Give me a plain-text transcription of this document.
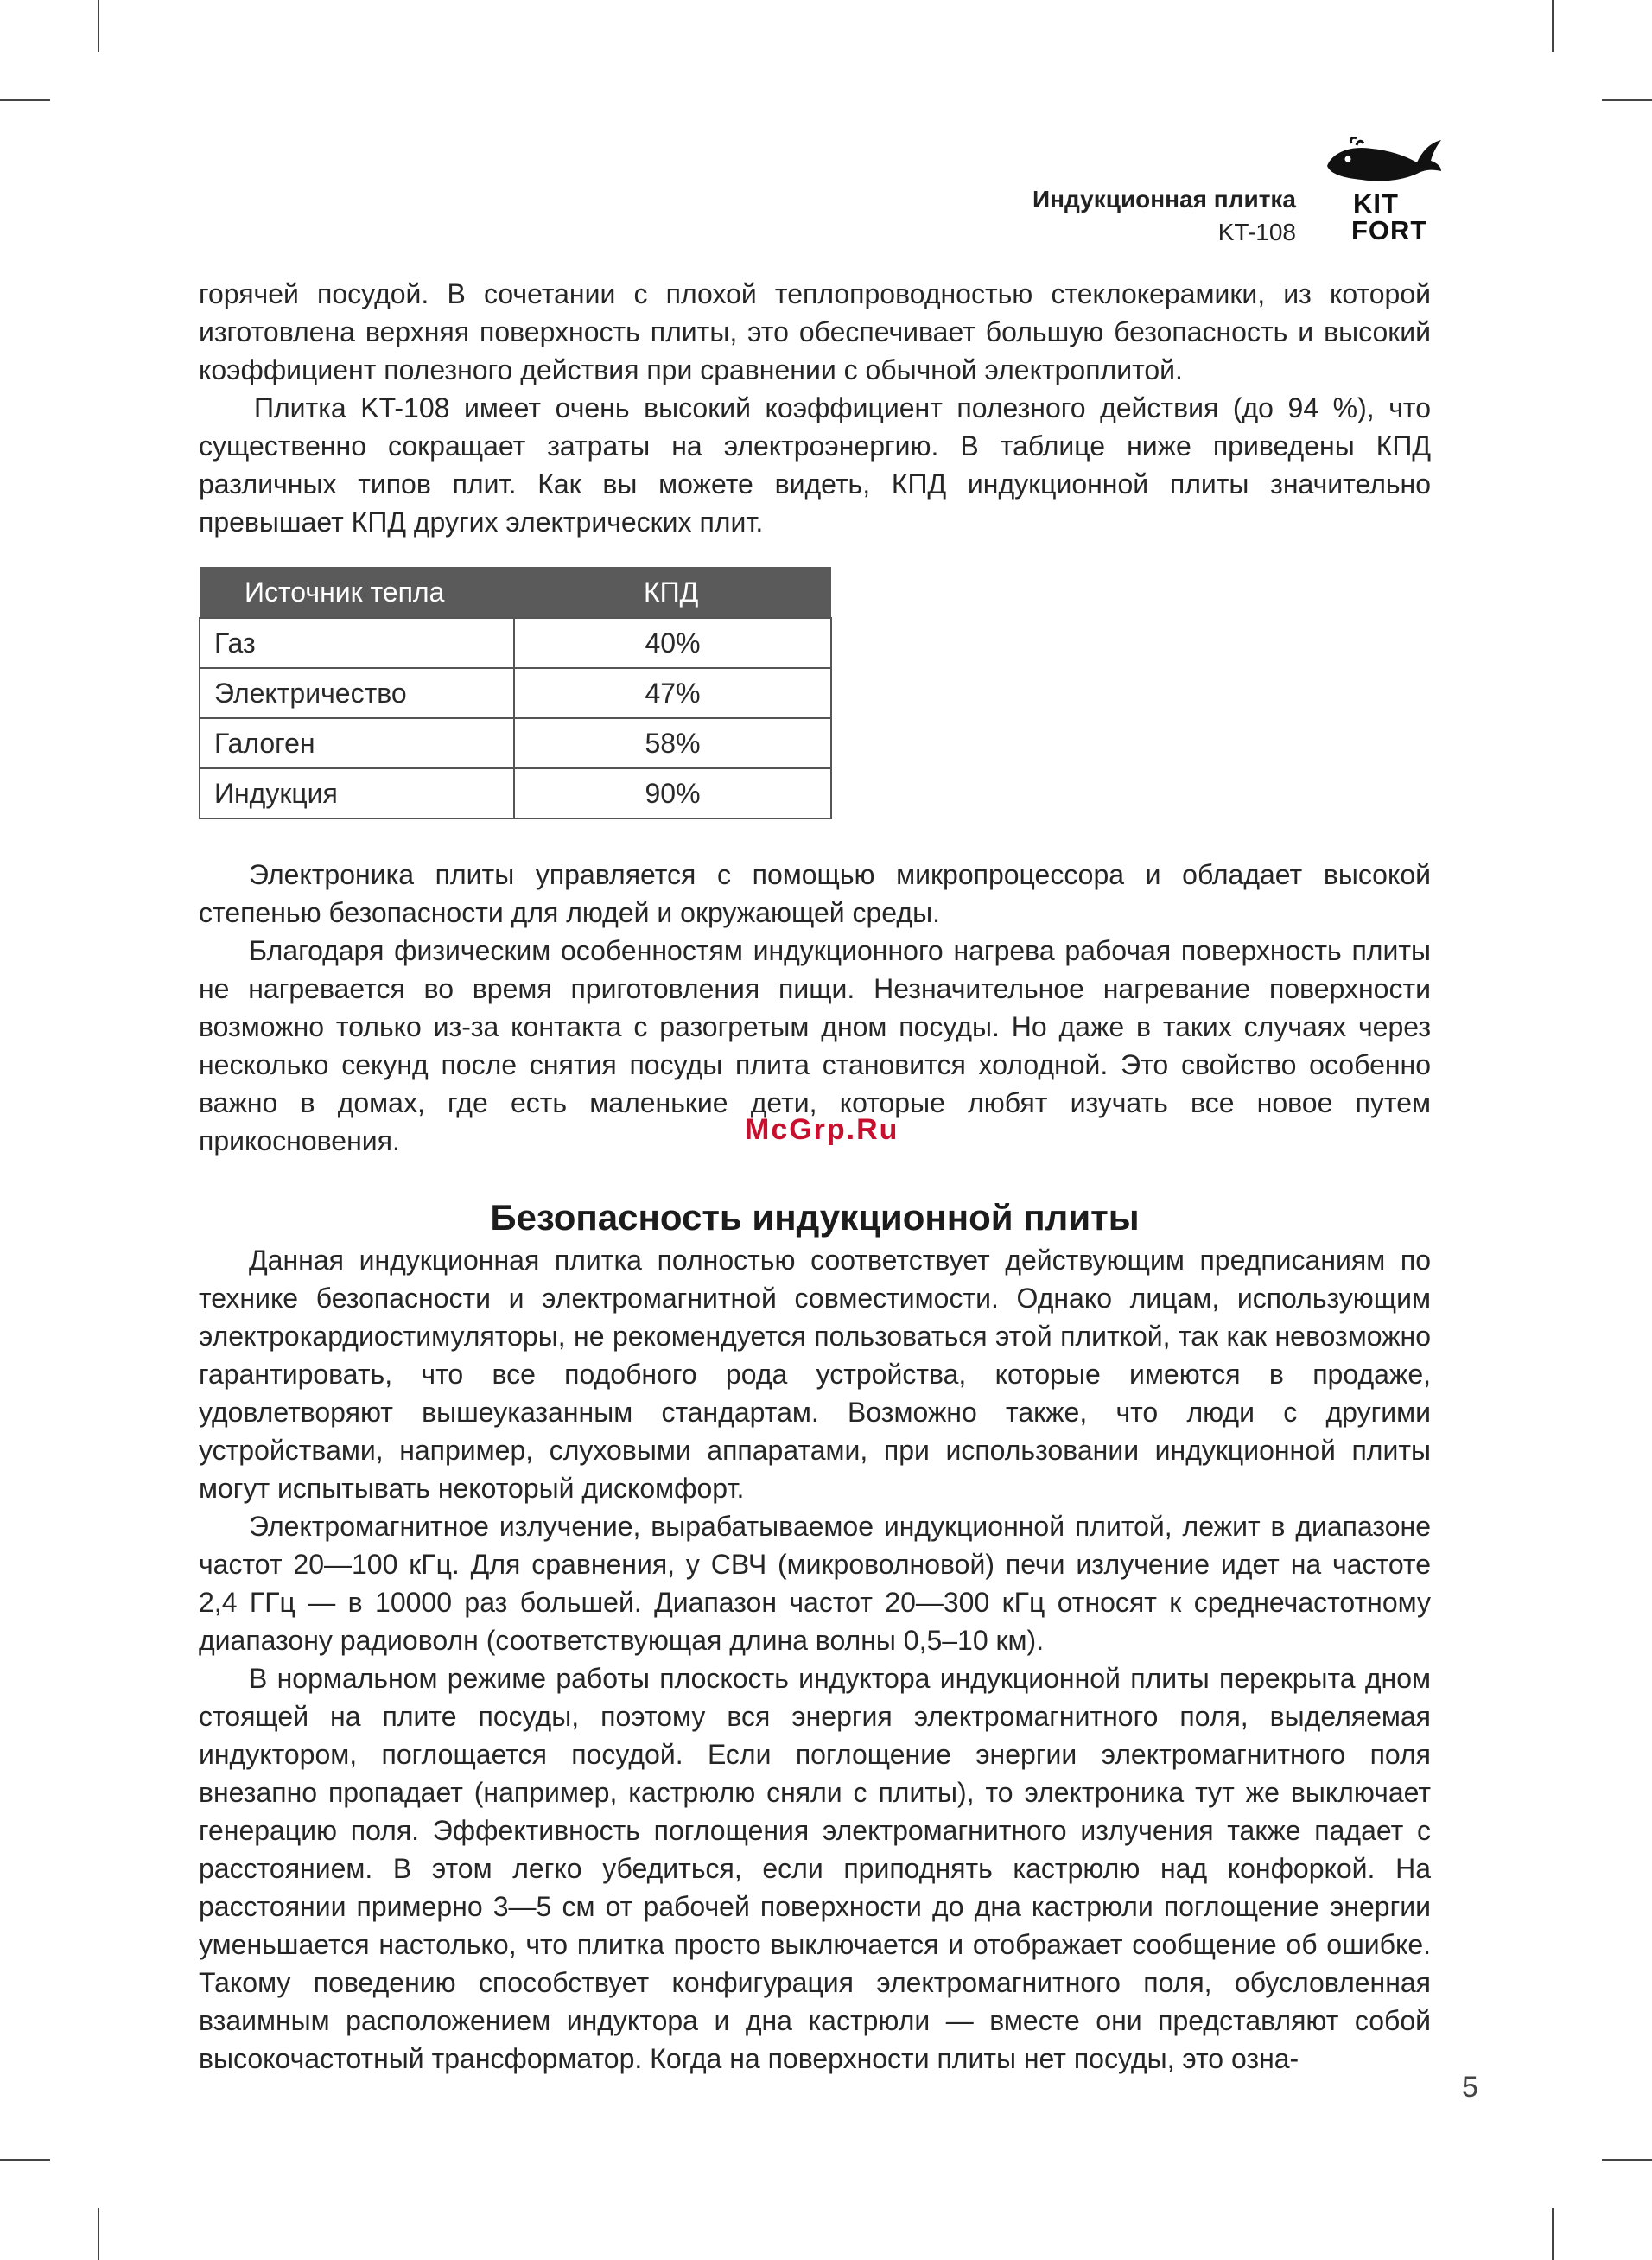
Индукционная плитка
KT-108
KIT
FORT

горячей посудой. В сочетании с плохой теплопроводностью стеклокерамики, из которой изготовлена верхняя поверхность плиты, это обеспечивает большую безопасность и высокий коэффициент полезного действия при сравнении с обычной электроплитой.

Плитка KT-108 имеет очень высокий коэффициент полезного действия (до 94 %), что существенно сокращает затраты на электроэнергию. В таблице ниже приведены КПД различных типов плит. Как вы можете видеть, КПД индукционной плиты значительно превышает КПД других электрических плит.

Источник тепла	КПД
Газ	40%
Электричество	47%
Галоген	58%
Индукция	90%

Электроника плиты управляется с помощью микропроцессора и обладает высокой степенью безопасности для людей и окружающей среды.

Благодаря физическим особенностям индукционного нагрева рабочая поверхность плиты не нагревается во время приготовления пищи. Незначительное нагревание поверхности возможно только из-за контакта с разогретым дном посуды. Но даже в таких случаях через несколько секунд после снятия посуды плита становится холодной. Это свойство особенно важно в домах, где есть маленькие дети, которые любят изучать все новое путем прикосновения.

Безопасность индукционной плиты

Данная индукционная плитка полностью соответствует действующим предписаниям по технике безопасности и электромагнитной совместимости. Однако лицам, использующим электрокардиостимуляторы, не рекомендуется пользоваться этой плиткой, так как невозможно гарантировать, что все подобного рода устройства, которые имеются в продаже, удовлетворяют вышеуказанным стандартам. Возможно также, что люди с другими устройствами, например, слуховыми аппаратами, при использовании индукционной плиты могут испытывать некоторый дискомфорт.

Электромагнитное излучение, вырабатываемое индукционной плитой, лежит в диапазоне частот 20—100 кГц. Для сравнения, у СВЧ (микроволновой) печи излучение идет на частоте 2,4 ГГц — в 10000 раз большей. Диапазон частот 20—300 кГц относят к среднечастотному диапазону радиоволн (соответствующая длина волны 0,5–10 км).

В нормальном режиме работы плоскость индуктора индукционной плиты перекрыта дном стоящей на плите посуды, поэтому вся энергия электромагнитного поля, выделяемая индуктором, поглощается посудой. Если поглощение энергии электромагнитного поля внезапно пропадает (например, кастрюлю сняли с плиты), то электроника тут же выключает генерацию поля. Эффективность поглощения электромагнитного излучения также падает с расстоянием. В этом легко убедиться, если приподнять кастрюлю над конфоркой. На расстоянии примерно 3—5 см от рабочей поверхности до дна кастрюли поглощение энергии уменьшается настолько, что плитка просто выключается и отображает сообщение об ошибке. Такому поведению способствует конфигурация электромагнитного поля, обусловленная взаимным расположением индуктора и дна кастрюли — вместе они представляют собой высокочастотный трансформатор. Когда на поверхности плиты нет посуды, это озна-

McGrp.Ru
5
